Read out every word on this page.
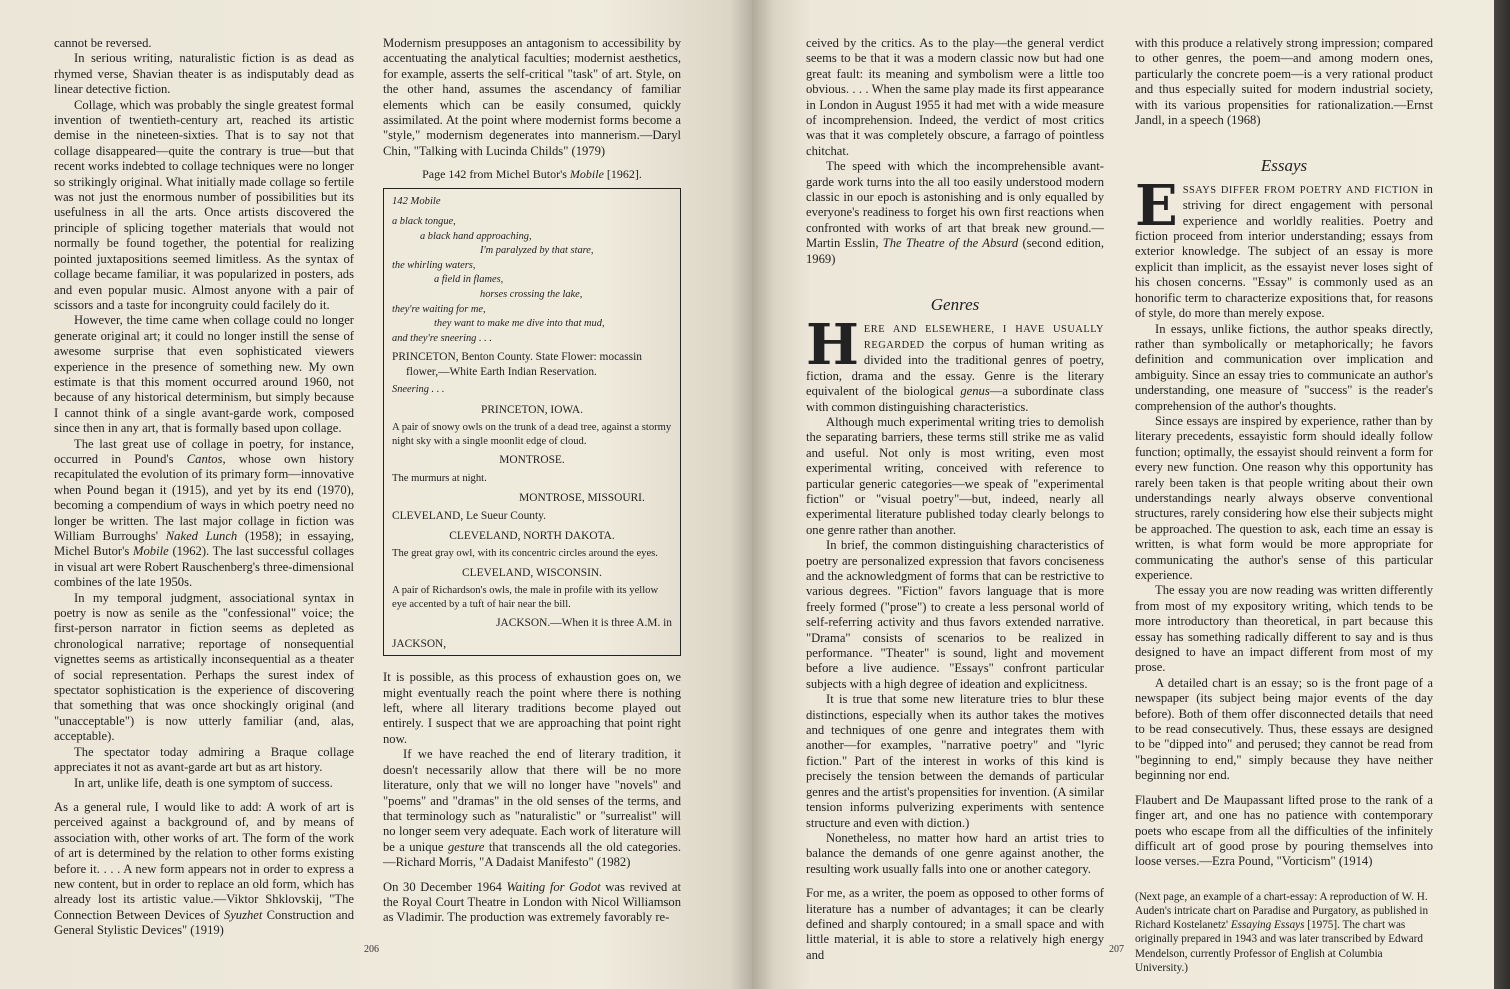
cannot be reversed.

In serious writing, naturalistic fiction is as dead as rhymed verse, Shavian theater is as indisputably dead as linear detective fiction.

Collage, which was probably the single greatest formal invention of twentieth-century art, reached its artistic demise in the nineteen-sixties. That is to say not that collage disappeared—quite the contrary is true—but that recent works indebted to collage techniques were no longer so strikingly original. What initially made collage so fertile was not just the enormous number of possibilities but its usefulness in all the arts. Once artists discovered the principle of splicing together materials that would not normally be found together, the potential for realizing pointed juxtapositions seemed limitless. As the syntax of collage became familiar, it was popularized in posters, ads and even popular music. Almost anyone with a pair of scissors and a taste for incongruity could facilely do it.

However, the time came when collage could no longer generate original art; it could no longer instill the sense of awesome surprise that even sophisticated viewers experience in the presence of something new. My own estimate is that this moment occurred around 1960, not because of any historical determinism, but simply because I cannot think of a single avant-garde work, composed since then in any art, that is formally based upon collage.

The last great use of collage in poetry, for instance, occurred in Pound's Cantos, whose own history recapitulated the evolution of its primary form—innovative when Pound began it (1915), and yet by its end (1970), becoming a compendium of ways in which poetry need no longer be written. The last major collage in fiction was William Burroughs' Naked Lunch (1958); in essaying, Michel Butor's Mobile (1962). The last successful collages in visual art were Robert Rauschenberg's three-dimensional combines of the late 1950s.

In my temporal judgment, associational syntax in poetry is now as senile as the "confessional" voice; the first-person narrator in fiction seems as depleted as chronological narrative; reportage of nonsequential vignettes seems as artistically inconsequential as a theater of social representation. Perhaps the surest index of spectator sophistication is the experience of discovering that something that was once shockingly original (and "unacceptable") is now utterly familiar (and, alas, acceptable).

The spectator today admiring a Braque collage appreciates it not as avant-garde art but as art history.

In art, unlike life, death is one symptom of success.

As a general rule, I would like to add: A work of art is perceived against a background of, and by means of association with, other works of art. The form of the work of art is determined by the relation to other forms existing before it. . . . A new form appears not in order to express a new content, but in order to replace an old form, which has already lost its artistic value.—Viktor Shklovskij, "The Connection Between Devices of Syuzhet Construction and General Stylistic Devices" (1919)

Modernism presupposes an antagonism to accessibility by accentuating the analytical faculties; modernist aesthetics, for example, asserts the self-critical "task" of art. Style, on the other hand, assumes the ascendancy of familiar elements which can be easily consumed, quickly assimilated. At the point where modernist forms become a "style," modernism degenerates into mannerism.—Daryl Chin, "Talking with Lucinda Childs" (1979)

Page 142 from Michel Butor's Mobile [1962].
142 Mobile
a black tongue,
a black hand approaching,
I'm paralyzed by that stare,
the whirling waters,
a field in flames,
horses crossing the lake,
they're waiting for me,
they want to make me dive into that mud,
and they're sneering . . .
PRINCETON, Benton County. State Flower: mocassin flower,—White Earth Indian Reservation.
Sneering . . .
PRINCETON, IOWA.
A pair of snowy owls on the trunk of a dead tree, against a stormy night sky with a single moonlit edge of cloud.
MONTROSE.
The murmurs at night.
MONTROSE, MISSOURI.
CLEVELAND, Le Sueur County.
CLEVELAND, NORTH DAKOTA.
The great gray owl, with its concentric circles around the eyes.
CLEVELAND, WISCONSIN.
A pair of Richardson's owls, the male in profile with its yellow eye accented by a tuft of hair near the bill.
JACKSON.—When it is three A.M. in
JACKSON,

It is possible, as this process of exhaustion goes on, we might eventually reach the point where there is nothing left, where all literary traditions become played out entirely. I suspect that we are approaching that point right now.

If we have reached the end of literary tradition, it doesn't necessarily allow that there will be no more literature, only that we will no longer have "novels" and "poems" and "dramas" in the old senses of the terms, and that terminology such as "naturalistic" or "surrealist" will no longer seem very adequate. Each work of literature will be a unique gesture that transcends all the old categories.—Richard Morris, "A Dadaist Manifesto" (1982)

On 30 December 1964 Waiting for Godot was revived at the Royal Court Theatre in London with Nicol Williamson as Vladimir. The production was extremely favorably re-

206

ceived by the critics. As to the play—the general verdict seems to be that it was a modern classic now but had one great fault: its meaning and symbolism were a little too obvious. . . . When the same play made its first appearance in London in August 1955 it had met with a wide measure of incomprehension. Indeed, the verdict of most critics was that it was completely obscure, a farrago of pointless chitchat.

The speed with which the incomprehensible avant-garde work turns into the all too easily understood modern classic in our epoch is astonishing and is only equalled by everyone's readiness to forget his own first reactions when confronted with works of art that break new ground.—Martin Esslin, The Theatre of the Absurd (second edition, 1969)

Genres

HERE AND ELSEWHERE, I HAVE USUALLY REGARDED the corpus of human writing as divided into the traditional genres of poetry, fiction, drama and the essay. Genre is the literary equivalent of the biological genus—a subordinate class with common distinguishing characteristics.

Although much experimental writing tries to demolish the separating barriers, these terms still strike me as valid and useful. Not only is most writing, even most experimental writing, conceived with reference to particular generic categories—we speak of "experimental fiction" or "visual poetry"—but, indeed, nearly all experimental literature published today clearly belongs to one genre rather than another.

In brief, the common distinguishing characteristics of poetry are personalized expression that favors conciseness and the acknowledgment of forms that can be restrictive to various degrees. "Fiction" favors language that is more freely formed ("prose") to create a less personal world of self-referring activity and thus favors extended narrative. "Drama" consists of scenarios to be realized in performance. "Theater" is sound, light and movement before a live audience. "Essays" confront particular subjects with a high degree of ideation and explicitness.

It is true that some new literature tries to blur these distinctions, especially when its author takes the motives and techniques of one genre and integrates them with another—for examples, "narrative poetry" and "lyric fiction." Part of the interest in works of this kind is precisely the tension between the demands of particular genres and the artist's propensities for invention. (A similar tension informs pulverizing experiments with sentence structure and even with diction.)

Nonetheless, no matter how hard an artist tries to balance the demands of one genre against another, the resulting work usually falls into one or another category.

For me, as a writer, the poem as opposed to other forms of literature has a number of advantages; it can be clearly defined and sharply contoured; in a small space and with little material, it is able to store a relatively high energy and

with this produce a relatively strong impression; compared to other genres, the poem—and among modern ones, particularly the concrete poem—is a very rational product and thus especially suited for modern industrial society, with its various propensities for rationalization.—Ernst Jandl, in a speech (1968)

Essays

ESSAYS DIFFER FROM POETRY AND FICTION in striving for direct engagement with personal experience and worldly realities. Poetry and fiction proceed from interior understanding; essays from exterior knowledge. The subject of an essay is more explicit than implicit, as the essayist never loses sight of his chosen concerns. "Essay" is commonly used as an honorific term to characterize expositions that, for reasons of style, do more than merely expose.

In essays, unlike fictions, the author speaks directly, rather than symbolically or metaphorically; he favors definition and communication over implication and ambiguity. Since an essay tries to communicate an author's understanding, one measure of "success" is the reader's comprehension of the author's thoughts.

Since essays are inspired by experience, rather than by literary precedents, essayistic form should ideally follow function; optimally, the essayist should reinvent a form for every new function. One reason why this opportunity has rarely been taken is that people writing about their own understandings nearly always observe conventional structures, rarely considering how else their subjects might be approached. The question to ask, each time an essay is written, is what form would be more appropriate for communicating the author's sense of this particular experience.

The essay you are now reading was written differently from most of my expository writing, which tends to be more introductory than theoretical, in part because this essay has something radically different to say and is thus designed to have an impact different from most of my prose.

A detailed chart is an essay; so is the front page of a newspaper (its subject being major events of the day before). Both of them offer disconnected details that need to be read consecutively. Thus, these essays are designed to be "dipped into" and perused; they cannot be read from "beginning to end," simply because they have neither beginning nor end.

Flaubert and De Maupassant lifted prose to the rank of a finger art, and one has no patience with contemporary poets who escape from all the difficulties of the infinitely difficult art of good prose by pouring themselves into loose verses.—Ezra Pound, "Vorticism" (1914)

(Next page, an example of a chart-essay: A reproduction of W. H. Auden's intricate chart on Paradise and Purgatory, as published in Richard Kostelanetz' Essaying Essays [1975]. The chart was originally prepared in 1943 and was later transcribed by Edward Mendelson, currently Professor of English at Columbia University.)
207
